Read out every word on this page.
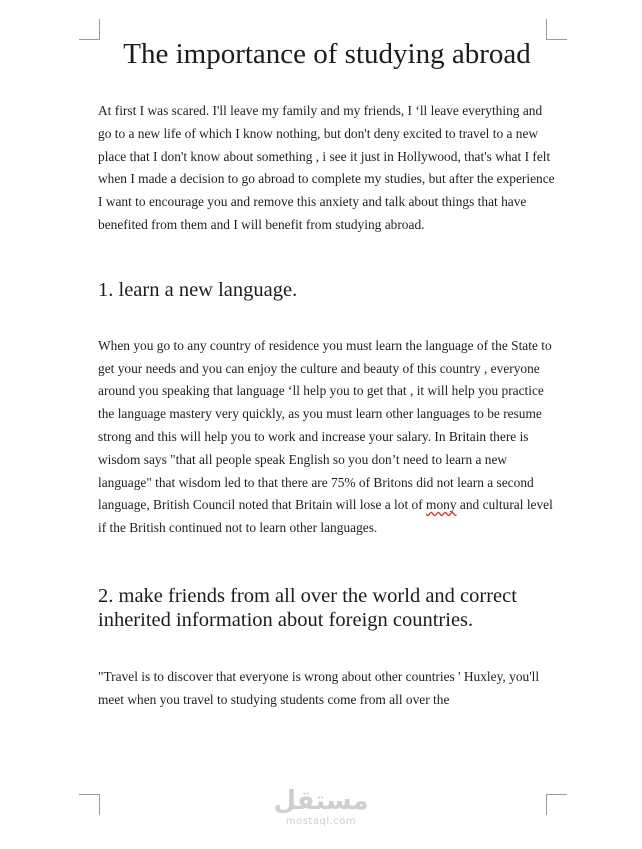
The importance of studying abroad

At first I was scared. I'll leave my family and my friends, I ‘ll leave everything and go to a new life of which I know nothing, but don't deny excited to travel to a new place that I don't know about something , i see it just in Hollywood, that's what I felt when I made a decision to go abroad to complete my studies, but after the experience I want to encourage you and remove this anxiety and talk about things that have benefited from them and I will benefit from studying abroad.

1. learn a new language.

When you go to any country of residence you must learn the language of the State to get your needs and you can enjoy the culture and beauty of this country , everyone around you speaking that language ‘ll help you to get that , it will help you practice the language mastery very quickly, as you must learn other languages to be resume strong and this will help you to work and increase your salary. In Britain there is wisdom says "that all people speak English so you don’t need to learn a new language" that wisdom led to that there are 75% of Britons did not learn a second language, British Council noted that Britain will lose a lot of mony and cultural level if the British continued not to learn other languages.

2. make friends from all over the world and correct inherited information about foreign countries.

"Travel is to discover that everyone is wrong about other countries ' Huxley, you'll meet when you travel to studying students come from all over the

مستقل
mostaql.com
